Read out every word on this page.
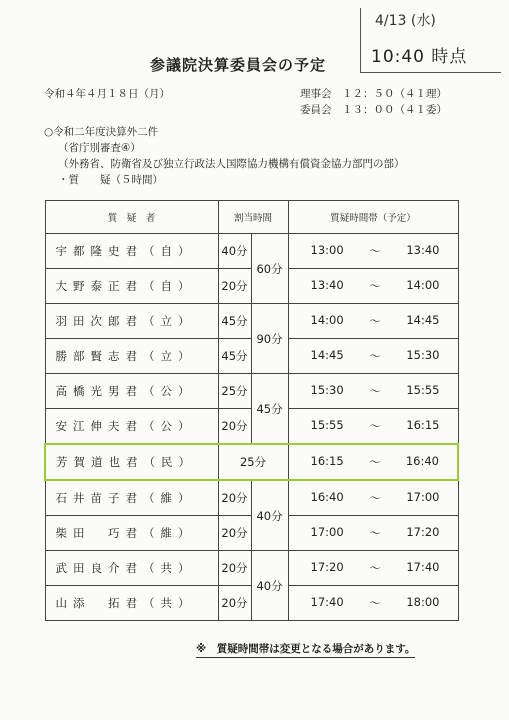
4/13 (水)
10:40 時点
参議院決算委員会の予定
令和４年４月１８日（月）	理事会　１２：５０（４１理）
委員会　１３：００（４１委）
○令和二年度決算外二件
（省庁別審査④）
（外務省、防衛省及び独立行政法人国際協力機構有償資金協力部門の部）
・質　　疑（５時間）
質　疑　者	割当時間		質疑時間帯（予定）
宇都隆史君（自）	40分	60分	13:00 〜 13:40

大野泰正君（自）	20分		13:40 〜 14:00

羽田次郎君（立）	45分	90分	14:00 〜 14:45

勝部賢志君（立）	45分		14:45 〜 15:30

高橋光男君（公）	25分	45分	15:30 〜 15:55

安江伸夫君（公）	20分		15:55 〜 16:15

芳賀道也君（民）	25分		16:15 〜 16:40

石井苗子君（維）	20分	40分	16:40 〜 17:00

柴田　巧君（維）	20分		17:00 〜 17:20

武田良介君（共）	20分	40分	17:20 〜 17:40

山添　拓君（共）	20分		17:40 〜 18:00
※　質疑時間帯は変更となる場合があります。
